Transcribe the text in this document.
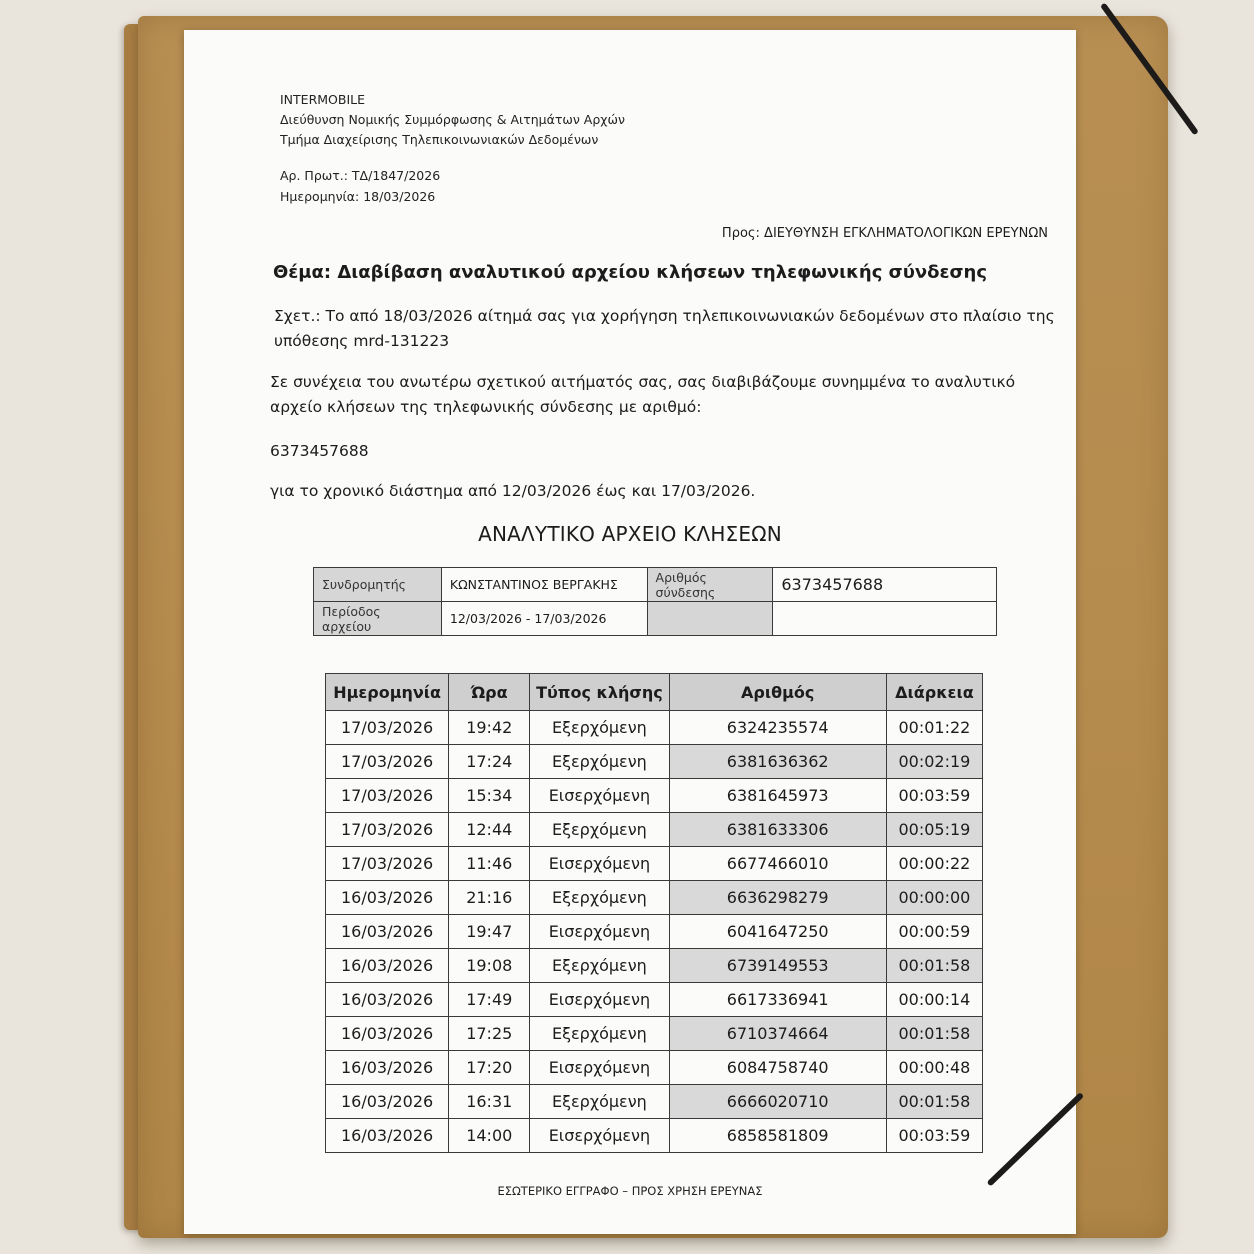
INTERMOBILE
Διεύθυνση Νομικής Συμμόρφωσης & Αιτημάτων Αρχών
Τμήμα Διαχείρισης Τηλεπικοινωνιακών Δεδομένων
Αρ. Πρωτ.: ΤΔ/1847/2026
Ημερομηνία: 18/03/2026
Προς: ΔΙΕΥΘΥΝΣΗ ΕΓΚΛΗΜΑΤΟΛΟΓΙΚΩΝ ΕΡΕΥΝΩΝ
Θέμα: Διαβίβαση αναλυτικού αρχείου κλήσεων τηλεφωνικής σύνδεσης
Σχετ.: Το από 18/03/2026 αίτημά σας για χορήγηση τηλεπικοινωνιακών δεδομένων στο πλαίσιο της υπόθεσης mrd-131223
Σε συνέχεια του ανωτέρω σχετικού αιτήματός σας, σας διαβιβάζουμε συνημμένα το αναλυτικό αρχείο κλήσεων της τηλεφωνικής σύνδεσης με αριθμό:
6373457688
για το χρονικό διάστημα από 12/03/2026 έως και 17/03/2026.
ΑΝΑΛΥΤΙΚΟ ΑΡΧΕΙΟ ΚΛΗΣΕΩΝ
Συνδρομητής	ΚΩΝΣΤΑΝΤΙΝΟΣ ΒΕΡΓΑΚΗΣ	Αριθμός σύνδεσης	6373457688
Περίοδος αρχείου	12/03/2026 - 17/03/2026		
Ημερομηνία	Ώρα	Τύπος κλήσης	Αριθμός	Διάρκεια
17/03/2026	19:42	Εξερχόμενη	6324235574	00:01:22
17/03/2026	17:24	Εξερχόμενη	6381636362	00:02:19
17/03/2026	15:34	Εισερχόμενη	6381645973	00:03:59
17/03/2026	12:44	Εξερχόμενη	6381633306	00:05:19
17/03/2026	11:46	Εισερχόμενη	6677466010	00:00:22
16/03/2026	21:16	Εξερχόμενη	6636298279	00:00:00
16/03/2026	19:47	Εισερχόμενη	6041647250	00:00:59
16/03/2026	19:08	Εξερχόμενη	6739149553	00:01:58
16/03/2026	17:49	Εισερχόμενη	6617336941	00:00:14
16/03/2026	17:25	Εξερχόμενη	6710374664	00:01:58
16/03/2026	17:20	Εισερχόμενη	6084758740	00:00:48
16/03/2026	16:31	Εξερχόμενη	6666020710	00:01:58
16/03/2026	14:00	Εισερχόμενη	6858581809	00:03:59
ΕΣΩΤΕΡΙΚΟ ΕΓΓΡΑΦΟ – ΠΡΟΣ ΧΡΗΣΗ ΕΡΕΥΝΑΣ
